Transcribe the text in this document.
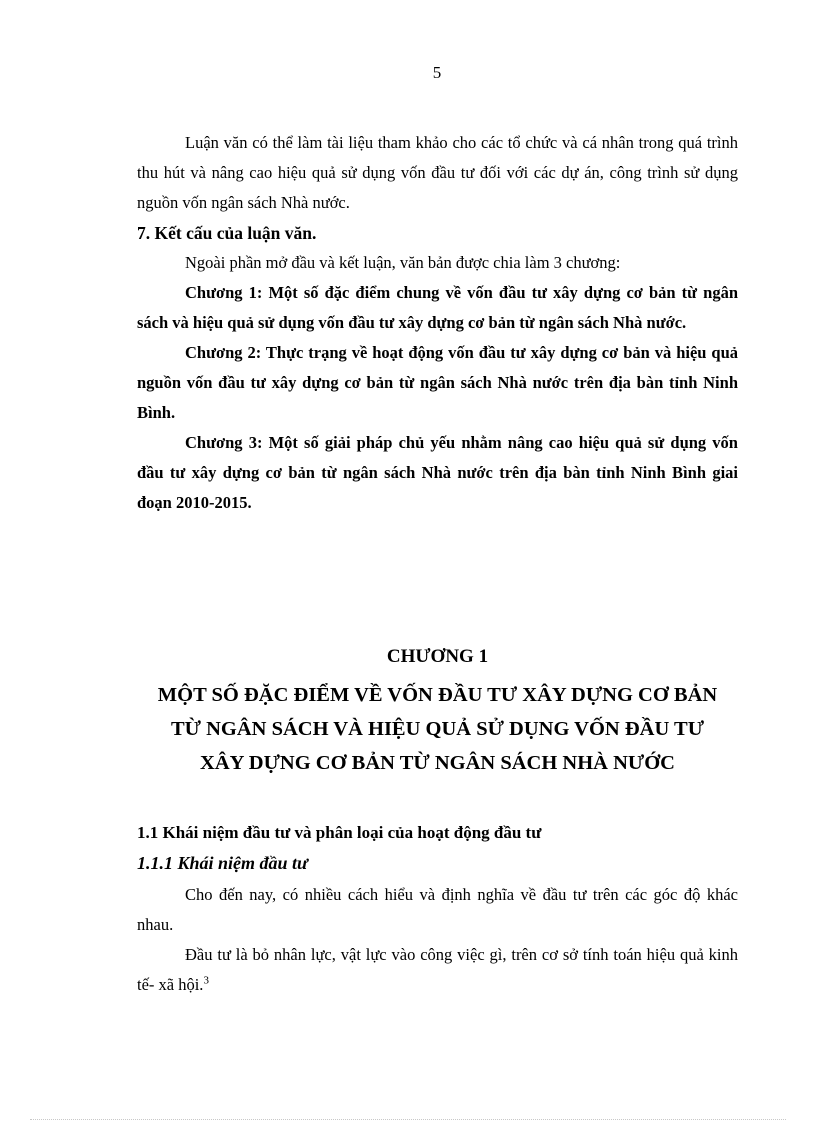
5

Luận văn có thể làm tài liệu tham khảo cho các tổ chức và cá nhân trong quá trình thu hút và nâng cao hiệu quả sử dụng vốn đầu tư đối với các dự án, công trình sử dụng nguồn vốn ngân sách Nhà nước.

7. Kết cấu của luận văn.

Ngoài phần mở đầu và kết luận, văn bản được chia làm 3 chương:

Chương 1: Một số đặc điểm chung về vốn đầu tư xây dựng cơ bản từ ngân sách và hiệu quả sử dụng vốn đầu tư xây dựng cơ bản từ ngân sách Nhà nước.

Chương 2: Thực trạng về hoạt động vốn đầu tư xây dựng cơ bản và hiệu quả nguồn vốn đầu tư xây dựng cơ bản từ ngân sách Nhà nước trên địa bàn tỉnh Ninh Bình.

Chương 3: Một số giải pháp chủ yếu nhằm nâng cao hiệu quả sử dụng vốn đầu tư xây dựng cơ bản từ ngân sách Nhà nước trên địa bàn tỉnh Ninh Bình giai đoạn 2010-2015.

CHƯƠNG 1

MỘT SỐ ĐẶC ĐIỂM VỀ VỐN ĐẦU TƯ XÂY DỰNG CƠ BẢN
TỪ NGÂN SÁCH VÀ HIỆU QUẢ SỬ DỤNG VỐN ĐẦU TƯ
XÂY DỰNG CƠ BẢN TỪ NGÂN SÁCH NHÀ NƯỚC

1.1 Khái niệm đầu tư và phân loại của hoạt động đầu tư

1.1.1 Khái niệm đầu tư

Cho đến nay, có nhiều cách hiểu và định nghĩa về đầu tư trên các góc độ khác nhau.

Đầu tư là bỏ nhân lực, vật lực vào công việc gì, trên cơ sở tính toán hiệu quả kinh tế- xã hội.$^3$
